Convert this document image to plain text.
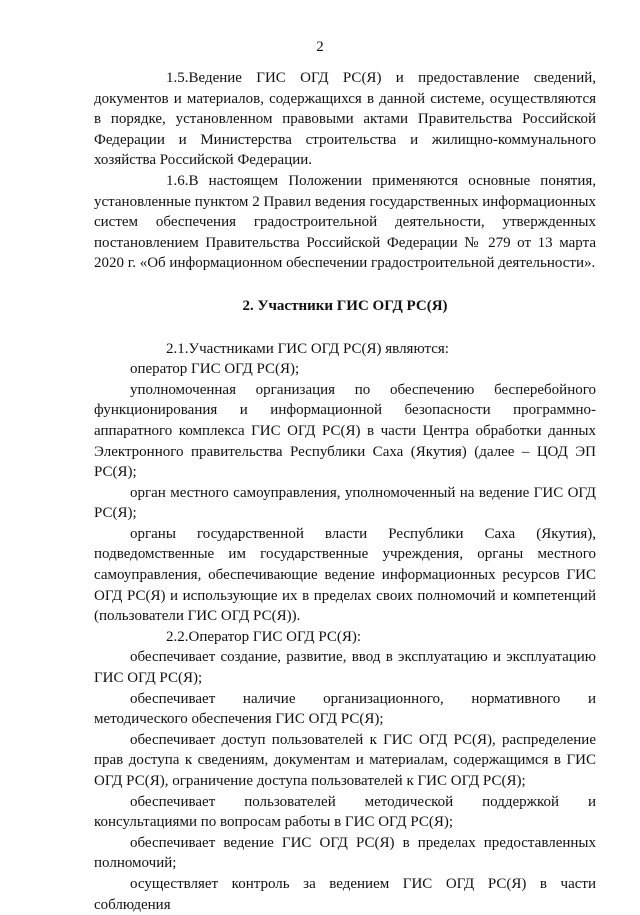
2

1.5.Ведение ГИС ОГД РС(Я) и предоставление сведений, документов и материалов, содержащихся в данной системе, осуществляются в порядке, установленном правовыми актами Правительства Российской Федерации и Министерства строительства и жилищно-коммунального хозяйства Российской Федерации.

1.6.В настоящем Положении применяются основные понятия, установленные пунктом 2 Правил ведения государственных информационных систем обеспечения градостроительной деятельности, утвержденных постановлением Правительства Российской Федерации № 279 от 13 марта 2020 г. «Об информационном обеспечении градостроительной деятельности».

2. Участники ГИС ОГД РС(Я)

2.1.Участниками ГИС ОГД РС(Я) являются:

оператор ГИС ОГД РС(Я);

уполномоченная организация по обеспечению бесперебойного функционирования и информационной безопасности программно-аппаратного комплекса ГИС ОГД РС(Я) в части Центра обработки данных Электронного правительства Республики Саха (Якутия) (далее – ЦОД ЭП РС(Я);

орган местного самоуправления, уполномоченный на ведение ГИС ОГД РС(Я);

органы государственной власти Республики Саха (Якутия), подведомственные им государственные учреждения, органы местного самоуправления, обеспечивающие ведение информационных ресурсов ГИС ОГД РС(Я) и использующие их в пределах своих полномочий и компетенций (пользователи ГИС ОГД РС(Я)).

2.2.Оператор ГИС ОГД РС(Я):

обеспечивает создание, развитие, ввод в эксплуатацию и эксплуатацию ГИС ОГД РС(Я);

обеспечивает наличие организационного, нормативного и методического обеспечения ГИС ОГД РС(Я);

обеспечивает доступ пользователей к ГИС ОГД РС(Я), распределение прав доступа к сведениям, документам и материалам, содержащимся в ГИС ОГД РС(Я), ограничение доступа пользователей к ГИС ОГД РС(Я);

обеспечивает пользователей методической поддержкой и консультациями по вопросам работы в ГИС ОГД РС(Я);

обеспечивает ведение ГИС ОГД РС(Я) в пределах предоставленных полномочий;

осуществляет контроль за ведением ГИС ОГД РС(Я) в части соблюдения
